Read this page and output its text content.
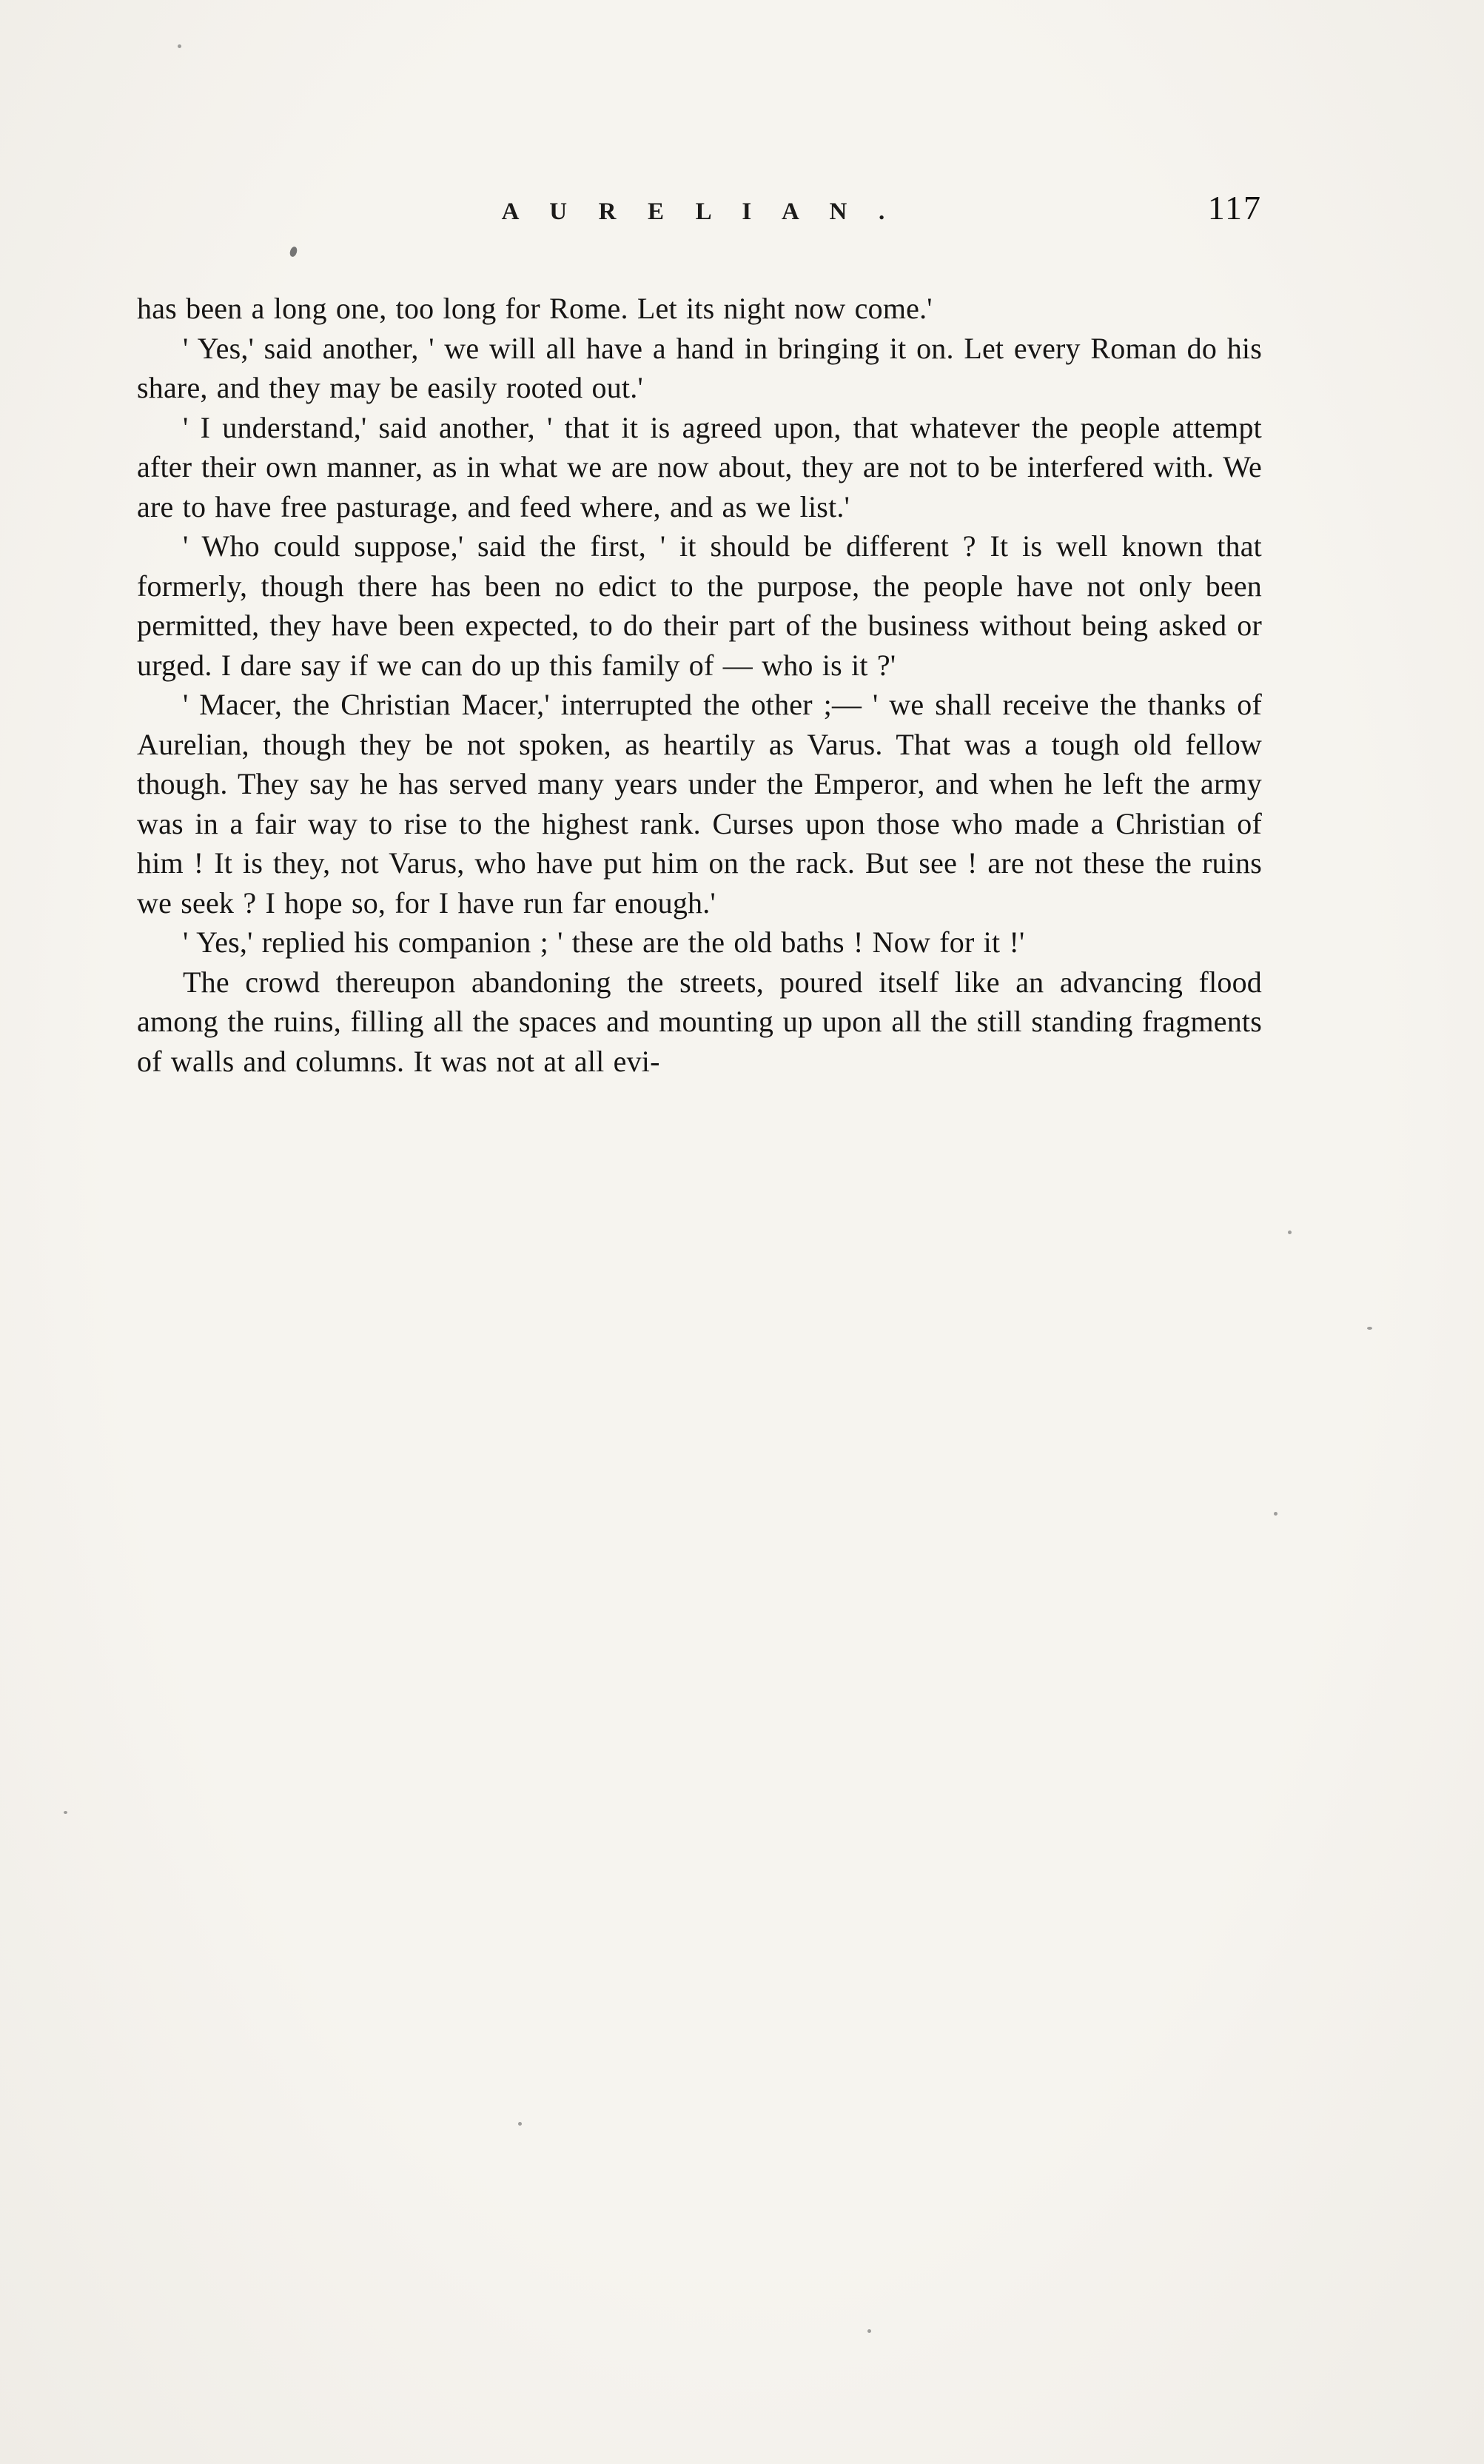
A U R E L I A N .	117

has been a long one, too long for Rome. Let its night now come.'

' Yes,' said another, ' we will all have a hand in bringing it on. Let every Roman do his share, and they may be easily rooted out.'

' I understand,' said another, ' that it is agreed upon, that whatever the people attempt after their own manner, as in what we are now about, they are not to be interfered with. We are to have free pasturage, and feed where, and as we list.'

' Who could suppose,' said the first, ' it should be different ? It is well known that formerly, though there has been no edict to the purpose, the people have not only been permitted, they have been expected, to do their part of the business without being asked or urged. I dare say if we can do up this family of — who is it ?'

' Macer, the Christian Macer,' interrupted the other ;— ' we shall receive the thanks of Aurelian, though they be not spoken, as heartily as Varus. That was a tough old fellow though. They say he has served many years under the Emperor, and when he left the army was in a fair way to rise to the highest rank. Curses upon those who made a Christian of him ! It is they, not Varus, who have put him on the rack. But see ! are not these the ruins we seek ? I hope so, for I have run far enough.'

' Yes,' replied his companion ; ' these are the old baths ! Now for it !'

The crowd thereupon abandoning the streets, poured itself like an advancing flood among the ruins, filling all the spaces and mounting up upon all the still standing fragments of walls and columns. It was not at all evi-
